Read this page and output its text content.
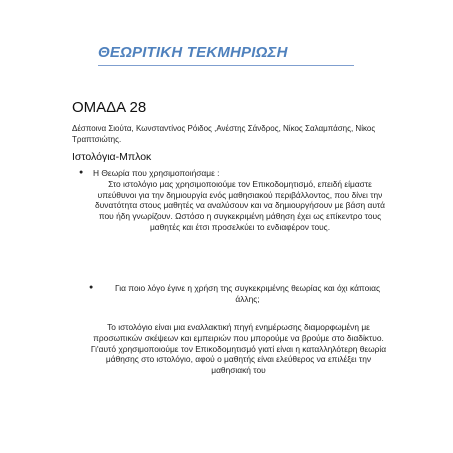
ΘΕΩΡΙΤΙΚΗ ΤΕΚΜΗΡΙΩΣΗ
ΟΜΑΔΑ 28
Δέσποινα Σιούτα, Κωνσταντίνος Ρόιδος ,Ανέστης Σάνδρος, Νίκος Σαλαμπάσης, Νίκος Τραπτσιώτης.
Ιστολόγια-Μπλοκ
●	Η Θεωρία που χρησιμοποιήσαμε :
Στο ιστολόγιο μας χρησιμοποιούμε τον Επικοδομητισμό, επειδή είμαστε υπεύθυνοι για την δημιουργία ενός μαθησιακού περιβάλλοντος, που δίνει την δυνατότητα στους μαθητές να αναλύσουν και να δημιουργήσουν με βάση αυτά που ήδη γνωρίζουν. Ωστόσο η συγκεκριμένη μάθηση έχει ως επίκεντρο τους μαθητές και έτσι προσελκύει το ενδιαφέρον τους.
●	Για ποιο λόγο έγινε η χρήση της συγκεκριμένης θεωρίας και όχι κάποιας άλλης;
Το ιστολόγιο είναι μια εναλλακτική πηγή ενημέρωσης διαμορφωμένη με προσωπικών σκέψεων και εμπειριών που μπορούμε να βρούμε στο διαδίκτυο. Γι'αυτό χρησιμοποιούμε τον Επικοδομητισμό γιατί είναι η καταλληλότερη θεωρία μάθησης στο ιστολόγιο, αφού ο μαθητής είναι ελεύθερος να επιλέξει την μαθησιακή του
